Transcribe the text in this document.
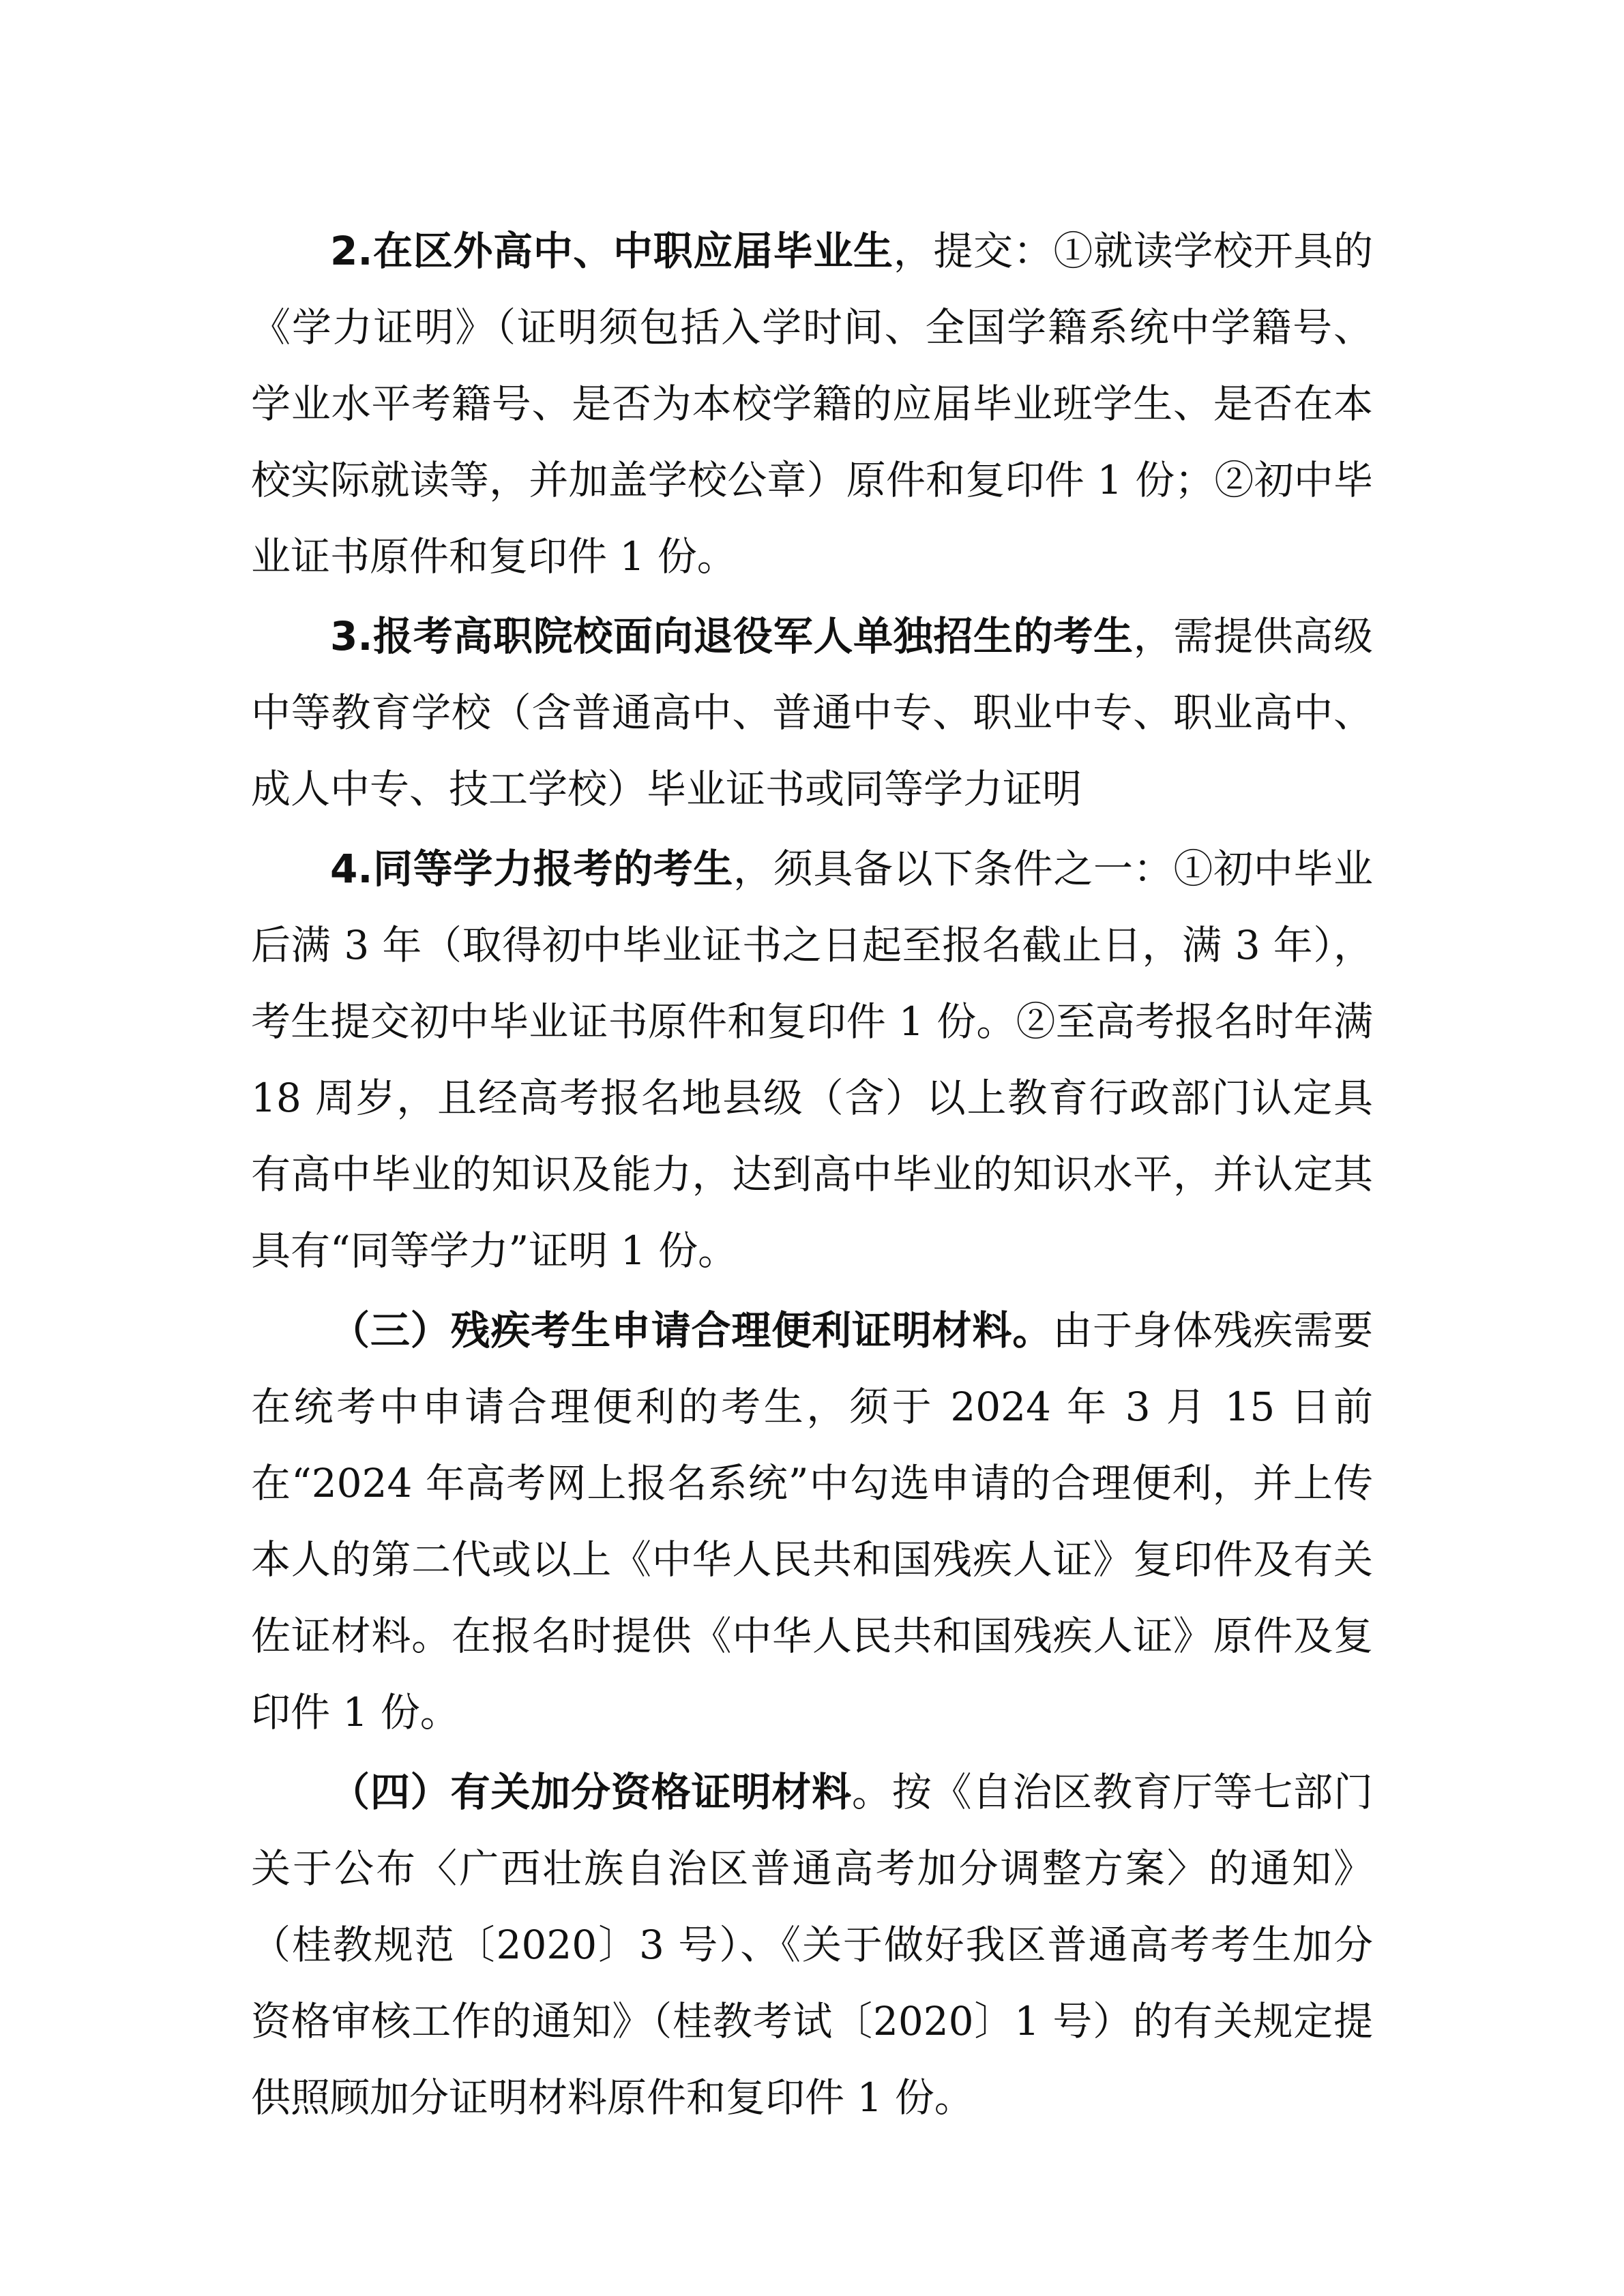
2.在区外高中、中职应届毕业生，提交：①就读学校开具的《学力证明》（证明须包括入学时间、全国学籍系统中学籍号、学业水平考籍号、是否为本校学籍的应届毕业班学生、是否在本校实际就读等，并加盖学校公章）原件和复印件 1 份；②初中毕业证书原件和复印件 1 份。

3.报考高职院校面向退役军人单独招生的考生，需提供高级中等教育学校（含普通高中、普通中专、职业中专、职业高中、成人中专、技工学校）毕业证书或同等学力证明

4.同等学力报考的考生，须具备以下条件之一：①初中毕业后满 3 年（取得初中毕业证书之日起至报名截止日，满 3 年），考生提交初中毕业证书原件和复印件 1 份。②至高考报名时年满 18 周岁，且经高考报名地县级（含）以上教育行政部门认定具有高中毕业的知识及能力，达到高中毕业的知识水平，并认定其具有“同等学力”证明 1 份。

（三）残疾考生申请合理便利证明材料。由于身体残疾需要在统考中申请合理便利的考生，须于 2024 年 3 月 15 日前在“2024 年高考网上报名系统”中勾选申请的合理便利，并上传本人的第二代或以上《中华人民共和国残疾人证》复印件及有关佐证材料。在报名时提供《中华人民共和国残疾人证》原件及复印件 1 份。

（四）有关加分资格证明材料。按《自治区教育厅等七部门关于公布〈广西壮族自治区普通高考加分调整方案〉的通知》（桂教规范〔2020〕3 号）、《关于做好我区普通高考考生加分资格审核工作的通知》（桂教考试〔2020〕1 号）的有关规定提供照顾加分证明材料原件和复印件 1 份。
